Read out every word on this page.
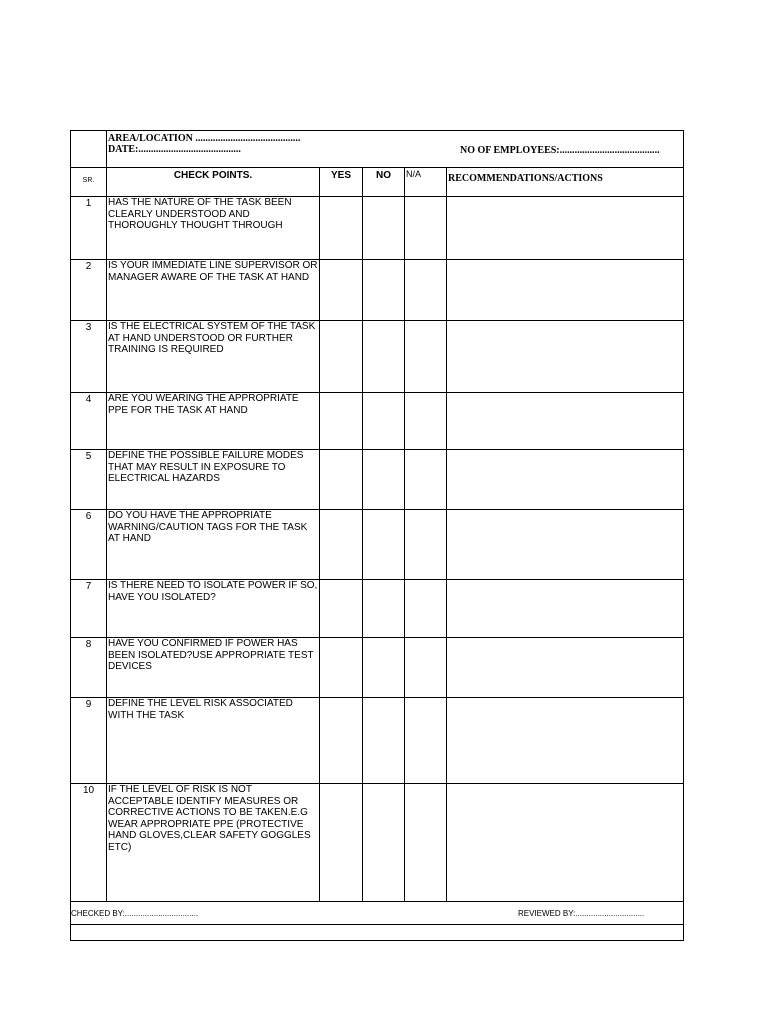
	AREA/LOCATION ..........................................
DATE:......................................... NO OF EMPLOYEES:........................................				

SR.	CHECK POINTS.	YES	NO	N/A	RECOMMENDATIONS/ACTIONS
1	HAS THE NATURE OF THE TASK BEEN CLEARLY UNDERSTOOD AND THOROUGHLY THOUGHT THROUGH				
2	IS YOUR IMMEDIATE LINE SUPERVISOR OR MANAGER AWARE OF THE TASK AT HAND				
3	IS THE ELECTRICAL SYSTEM OF THE TASK AT HAND UNDERSTOOD OR FURTHER TRAINING IS REQUIRED				
4	ARE YOU WEARING THE APPROPRIATE PPE FOR THE TASK AT HAND				
5	DEFINE THE POSSIBLE FAILURE MODES THAT MAY RESULT IN EXPOSURE TO ELECTRICAL HAZARDS				
6	DO YOU HAVE THE APPROPRIATE WARNING/CAUTION TAGS FOR THE TASK AT HAND				
7	IS THERE NEED TO ISOLATE POWER IF SO, HAVE YOU ISOLATED?				
8	HAVE YOU CONFIRMED IF POWER HAS BEEN ISOLATED?USE APPROPRIATE TEST DEVICES				
9	DEFINE THE LEVEL RISK ASSOCIATED WITH THE TASK				
10	IF THE LEVEL OF RISK IS NOT ACCEPTABLE IDENTIFY MEASURES OR CORRECTIVE ACTIONS TO BE TAKEN.E.G WEAR APPROPRIATE PPE (PROTECTIVE HAND GLOVES,CLEAR SAFETY GOGGLES ETC)				

CHECKED BY:................................. REVIEWED BY:...............................					
